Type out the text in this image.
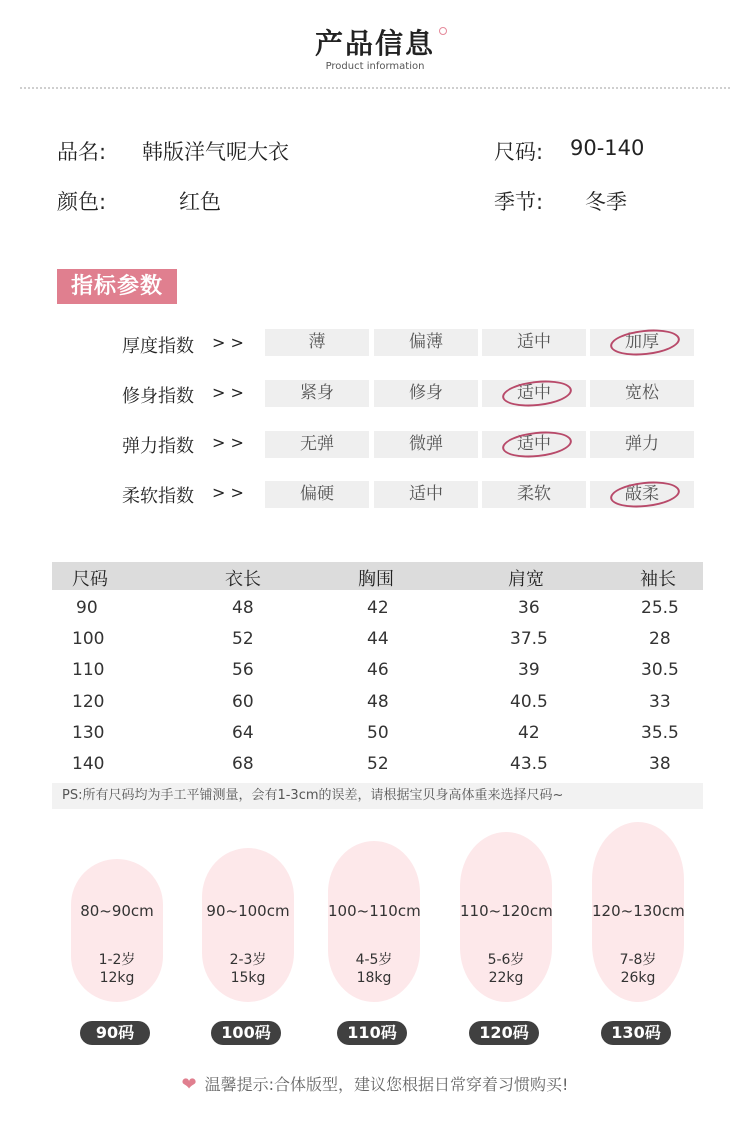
产品信息
Product information
品名: 韩版洋气呢大衣	尺码: 90-140
颜色:	红色	季节: 冬季
指标参数
厚度指数 > >	薄	偏薄	适中	加厚
修身指数 > >	紧身	修身	适中	宽松
弹力指数 > >	无弹	微弹	适中	弹力
柔软指数 > >	偏硬	适中	柔软	敲柔
尺码	衣长	胸围	肩宽	袖长
90	48	42	36	25.5
100	52	44	37.5	28
110	56	46	39	30.5
120	60	48	40.5	33
130	64	50	42	35.5
140	68	52	43.5	38
PS:所有尺码均为手工平铺测量，会有1-3cm的误差，请根据宝贝身高体重来选择尺码~
80~90cm
1-2岁
12kg
90~100cm
2-3岁
15kg
100~110cm
4-5岁
18kg
110~120cm
5-6岁
22kg
120~130cm
7-8岁
26kg
90码	100码	110码	120码	130码
❤ 温馨提示:合体版型，建议您根据日常穿着习惯购买!
